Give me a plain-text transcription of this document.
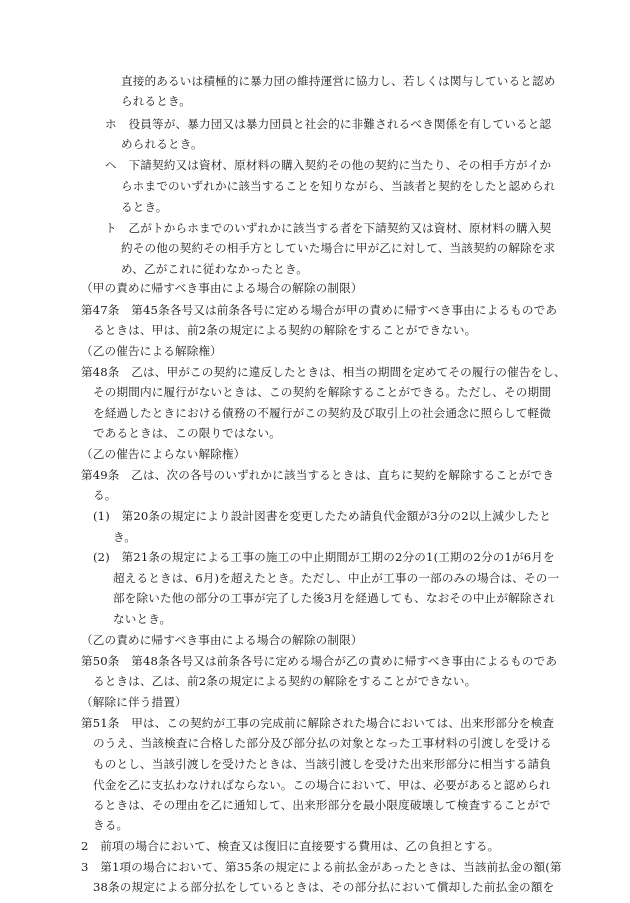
直接的あるいは積極的に暴力団の維持運営に協力し、若しくは関与していると認め
られるとき。
ホ　役員等が、暴力団又は暴力団員と社会的に非難されるべき関係を有していると認
められるとき。
ヘ　下請契約又は資材、原材料の購入契約その他の契約に当たり、その相手方がイか
らホまでのいずれかに該当することを知りながら、当該者と契約をしたと認められ
るとき。
ト　乙がトからホまでのいずれかに該当する者を下請契約又は資材、原材料の購入契
約その他の契約その相手方としていた場合に甲が乙に対して、当該契約の解除を求
め、乙がこれに従わなかったとき。
（甲の責めに帰すべき事由による場合の解除の制限）
第47条　第45条各号又は前条各号に定める場合が甲の責めに帰すべき事由によるものであ
るときは、甲は、前2条の規定による契約の解除をすることができない。
（乙の催告による解除権）
第48条　乙は、甲がこの契約に違反したときは、相当の期間を定めてその履行の催告をし、
その期間内に履行がないときは、この契約を解除することができる。ただし、その期間
を経過したときにおける債務の不履行がこの契約及び取引上の社会通念に照らして軽微
であるときは、この限りではない。
（乙の催告によらない解除権）
第49条　乙は、次の各号のいずれかに該当するときは、直ちに契約を解除することができ
る。
(1)　第20条の規定により設計図書を変更したため請負代金額が3分の2以上減少したと
き。
(2)　第21条の規定による工事の施工の中止期間が工期の2分の1(工期の2分の1が6月を
超えるときは、6月)を超えたとき。ただし、中止が工事の一部のみの場合は、その一
部を除いた他の部分の工事が完了した後3月を経過しても、なおその中止が解除され
ないとき。
（乙の責めに帰すべき事由による場合の解除の制限）
第50条　第48条各号又は前条各号に定める場合が乙の責めに帰すべき事由によるものであ
るときは、乙は、前2条の規定による契約の解除をすることができない。
（解除に伴う措置）
第51条　甲は、この契約が工事の完成前に解除された場合においては、出来形部分を検査
のうえ、当該検査に合格した部分及び部分払の対象となった工事材料の引渡しを受ける
ものとし、当該引渡しを受けたときは、当該引渡しを受けた出来形部分に相当する請負
代金を乙に支払わなければならない。この場合において、甲は、必要があると認められ
るときは、その理由を乙に通知して、出来形部分を最小限度破壊して検査することがで
きる。
2　前項の場合において、検査又は復旧に直接要する費用は、乙の負担とする。
3　第1項の場合において、第35条の規定による前払金があったときは、当該前払金の額(第
38条の規定による部分払をしているときは、その部分払において償却した前払金の額を
